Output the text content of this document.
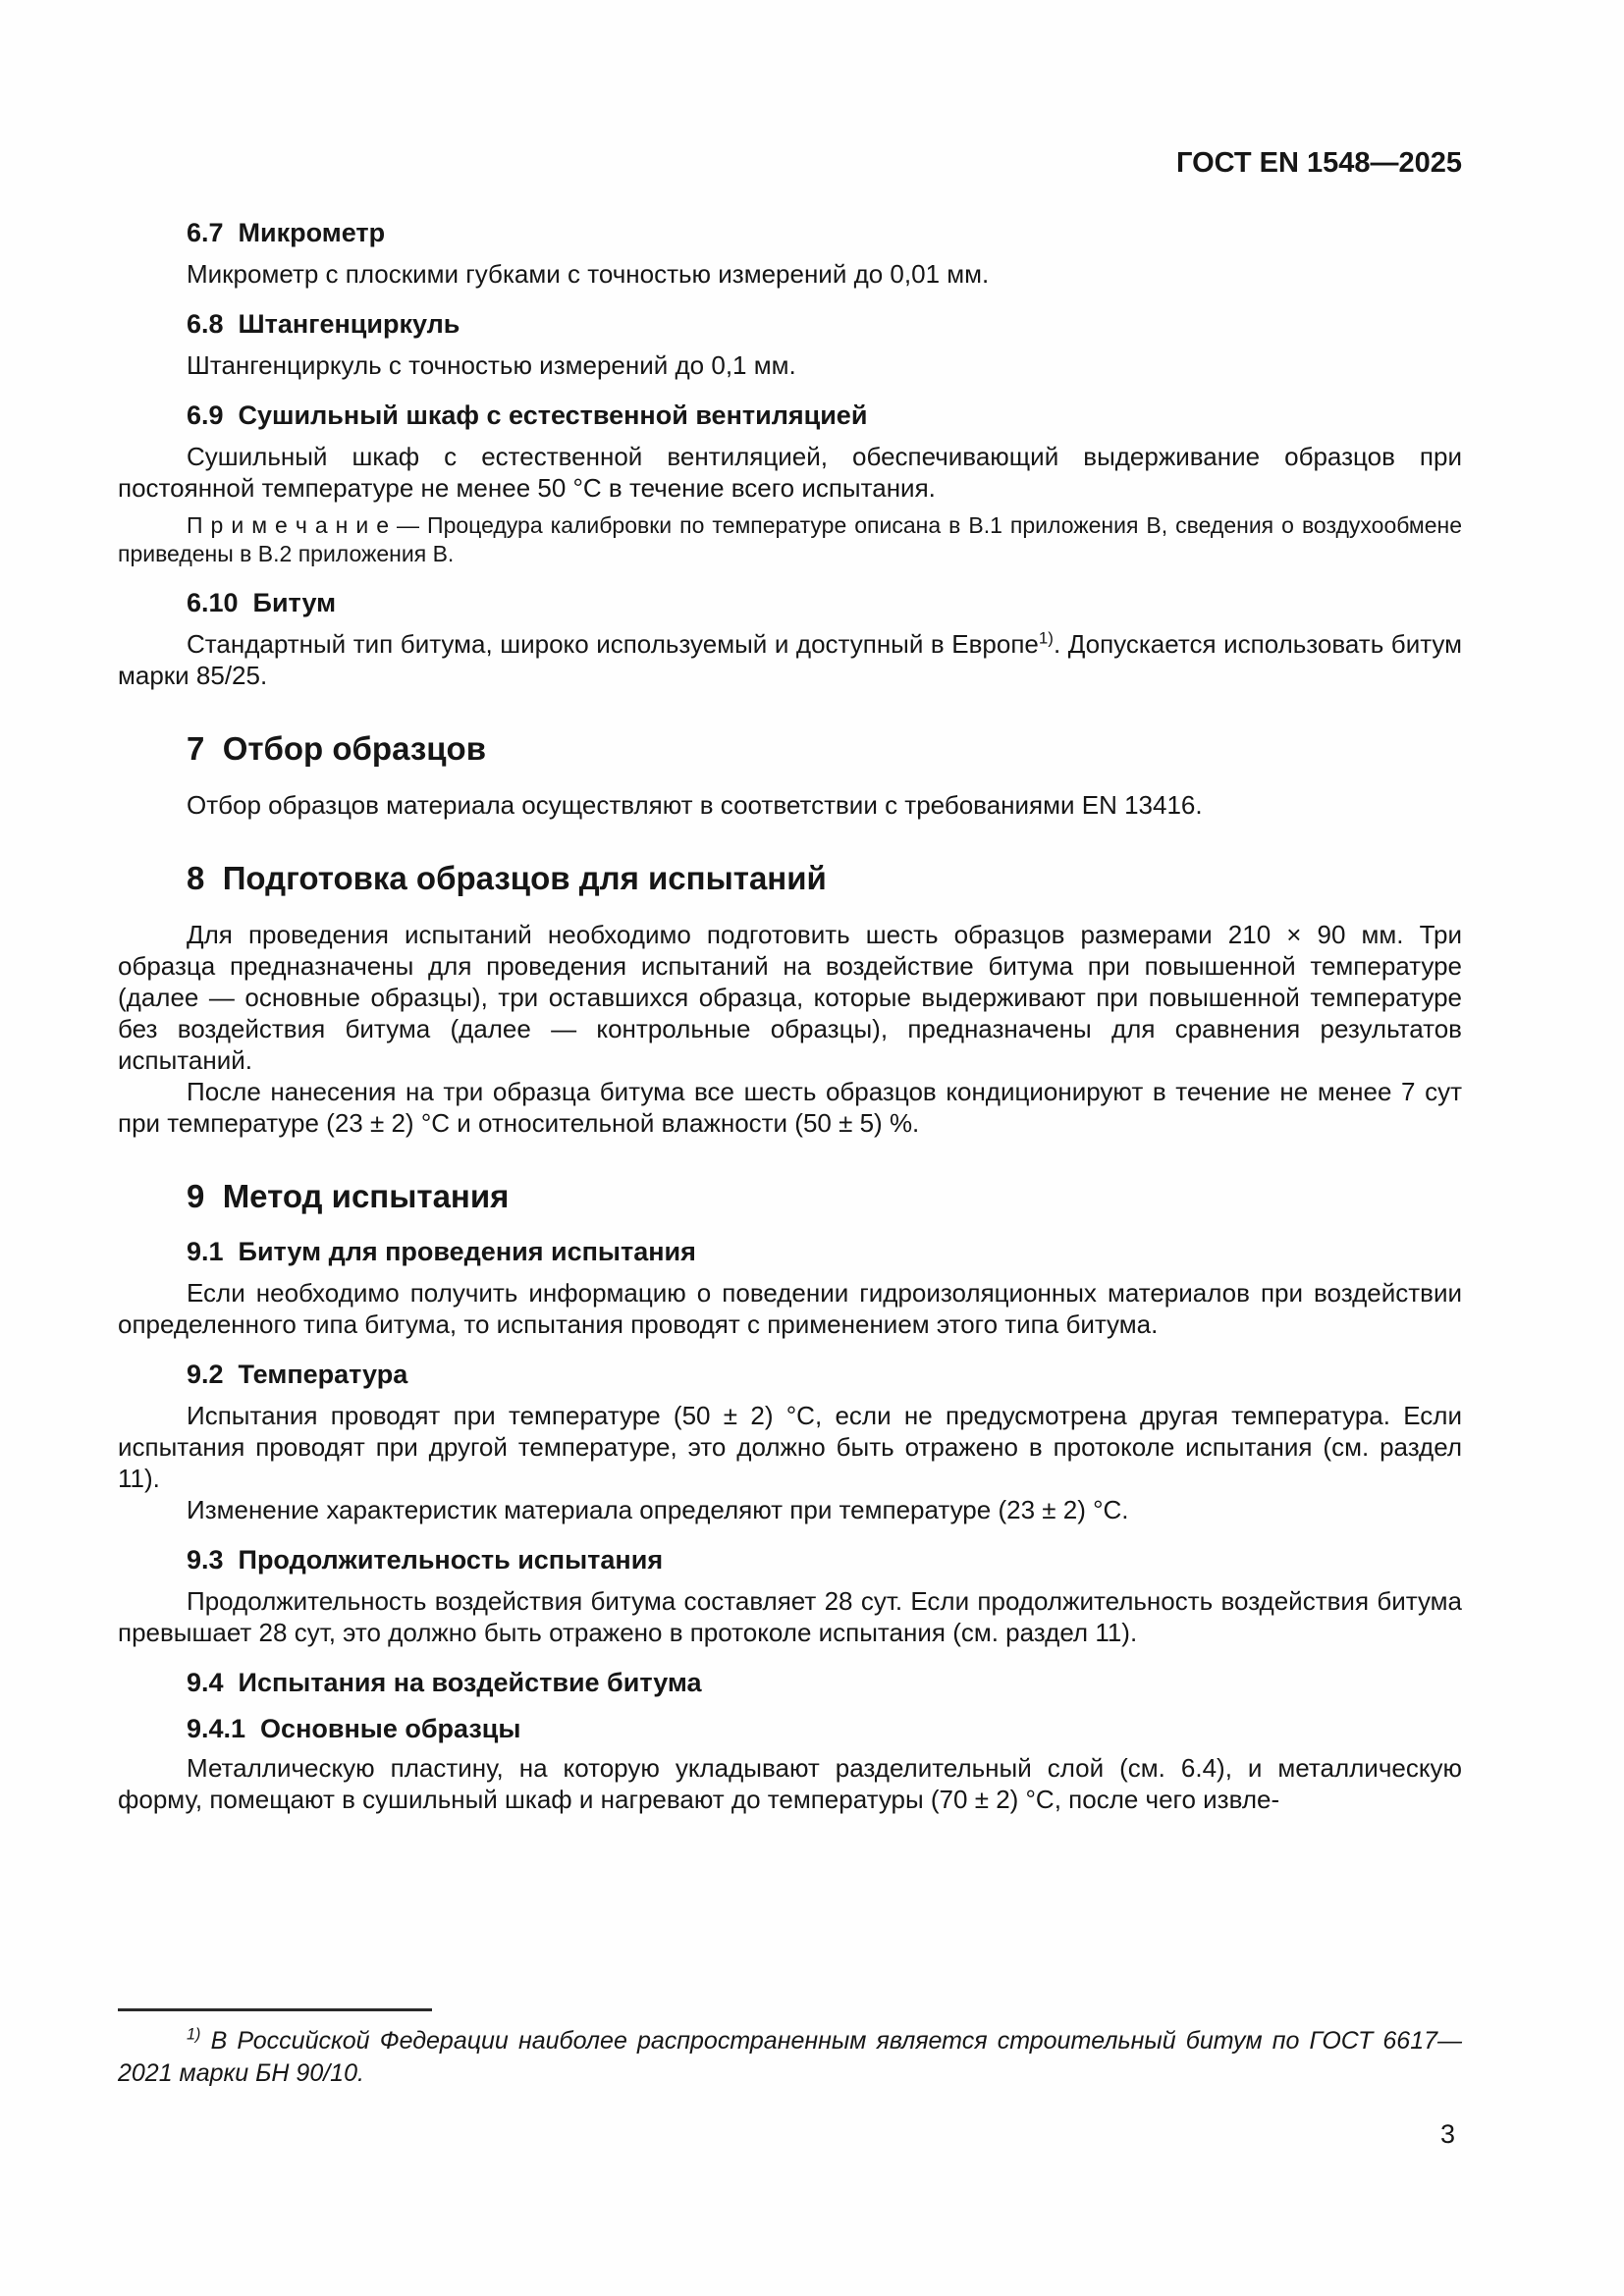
ГОСТ EN 1548—2025
6.7  Микрометр

Микрометр с плоскими губками с точностью измерений до 0,01 мм.

6.8  Штангенциркуль

Штангенциркуль с точностью измерений до 0,1 мм.

6.9  Сушильный шкаф с естественной вентиляцией

Сушильный шкаф с естественной вентиляцией, обеспечивающий выдерживание образцов при постоянной температуре не менее 50 °C в течение всего испытания.

П р и м е ч а н и е — Процедура калибровки по температуре описана в В.1 приложения В, сведения о воздухообмене приведены в В.2 приложения В.

6.10  Битум

Стандартный тип битума, широко используемый и доступный в Европе$^{1)}$. Допускается использовать битум марки 85/25.

7  Отбор образцов

Отбор образцов материала осуществляют в соответствии с требованиями EN 13416.

8  Подготовка образцов для испытаний

Для проведения испытаний необходимо подготовить шесть образцов размерами 210 × 90 мм. Три образца предназначены для проведения испытаний на воздействие битума при повышенной температуре (далее — основные образцы), три оставшихся образца, которые выдерживают при повышенной температуре без воздействия битума (далее — контрольные образцы), предназначены для сравнения результатов испытаний.

После нанесения на три образца битума все шесть образцов кондиционируют в течение не менее 7 сут при температуре (23 ± 2) °C и относительной влажности (50 ± 5) %.

9  Метод испытания
9.1  Битум для проведения испытания

Если необходимо получить информацию о поведении гидроизоляционных материалов при воздействии определенного типа битума, то испытания проводят с применением этого типа битума.

9.2  Температура

Испытания проводят при температуре (50 ± 2) °C, если не предусмотрена другая температура. Если испытания проводят при другой температуре, это должно быть отражено в протоколе испытания (см. раздел 11).

Изменение характеристик материала определяют при температуре (23 ± 2) °C.

9.3  Продолжительность испытания

Продолжительность воздействия битума составляет 28 сут. Если продолжительность воздействия битума превышает 28 сут, это должно быть отражено в протоколе испытания (см. раздел 11).

9.4  Испытания на воздействие битума
9.4.1  Основные образцы

Металлическую пластину, на которую укладывают разделительный слой (см. 6.4), и металлическую форму, помещают в сушильный шкаф и нагревают до температуры (70 ± 2) °C, после чего извле-

$^{1)}$ В Российской Федерации наиболее распространенным является строительный битум по ГОСТ 6617—2021 марки БН 90/10.

3
